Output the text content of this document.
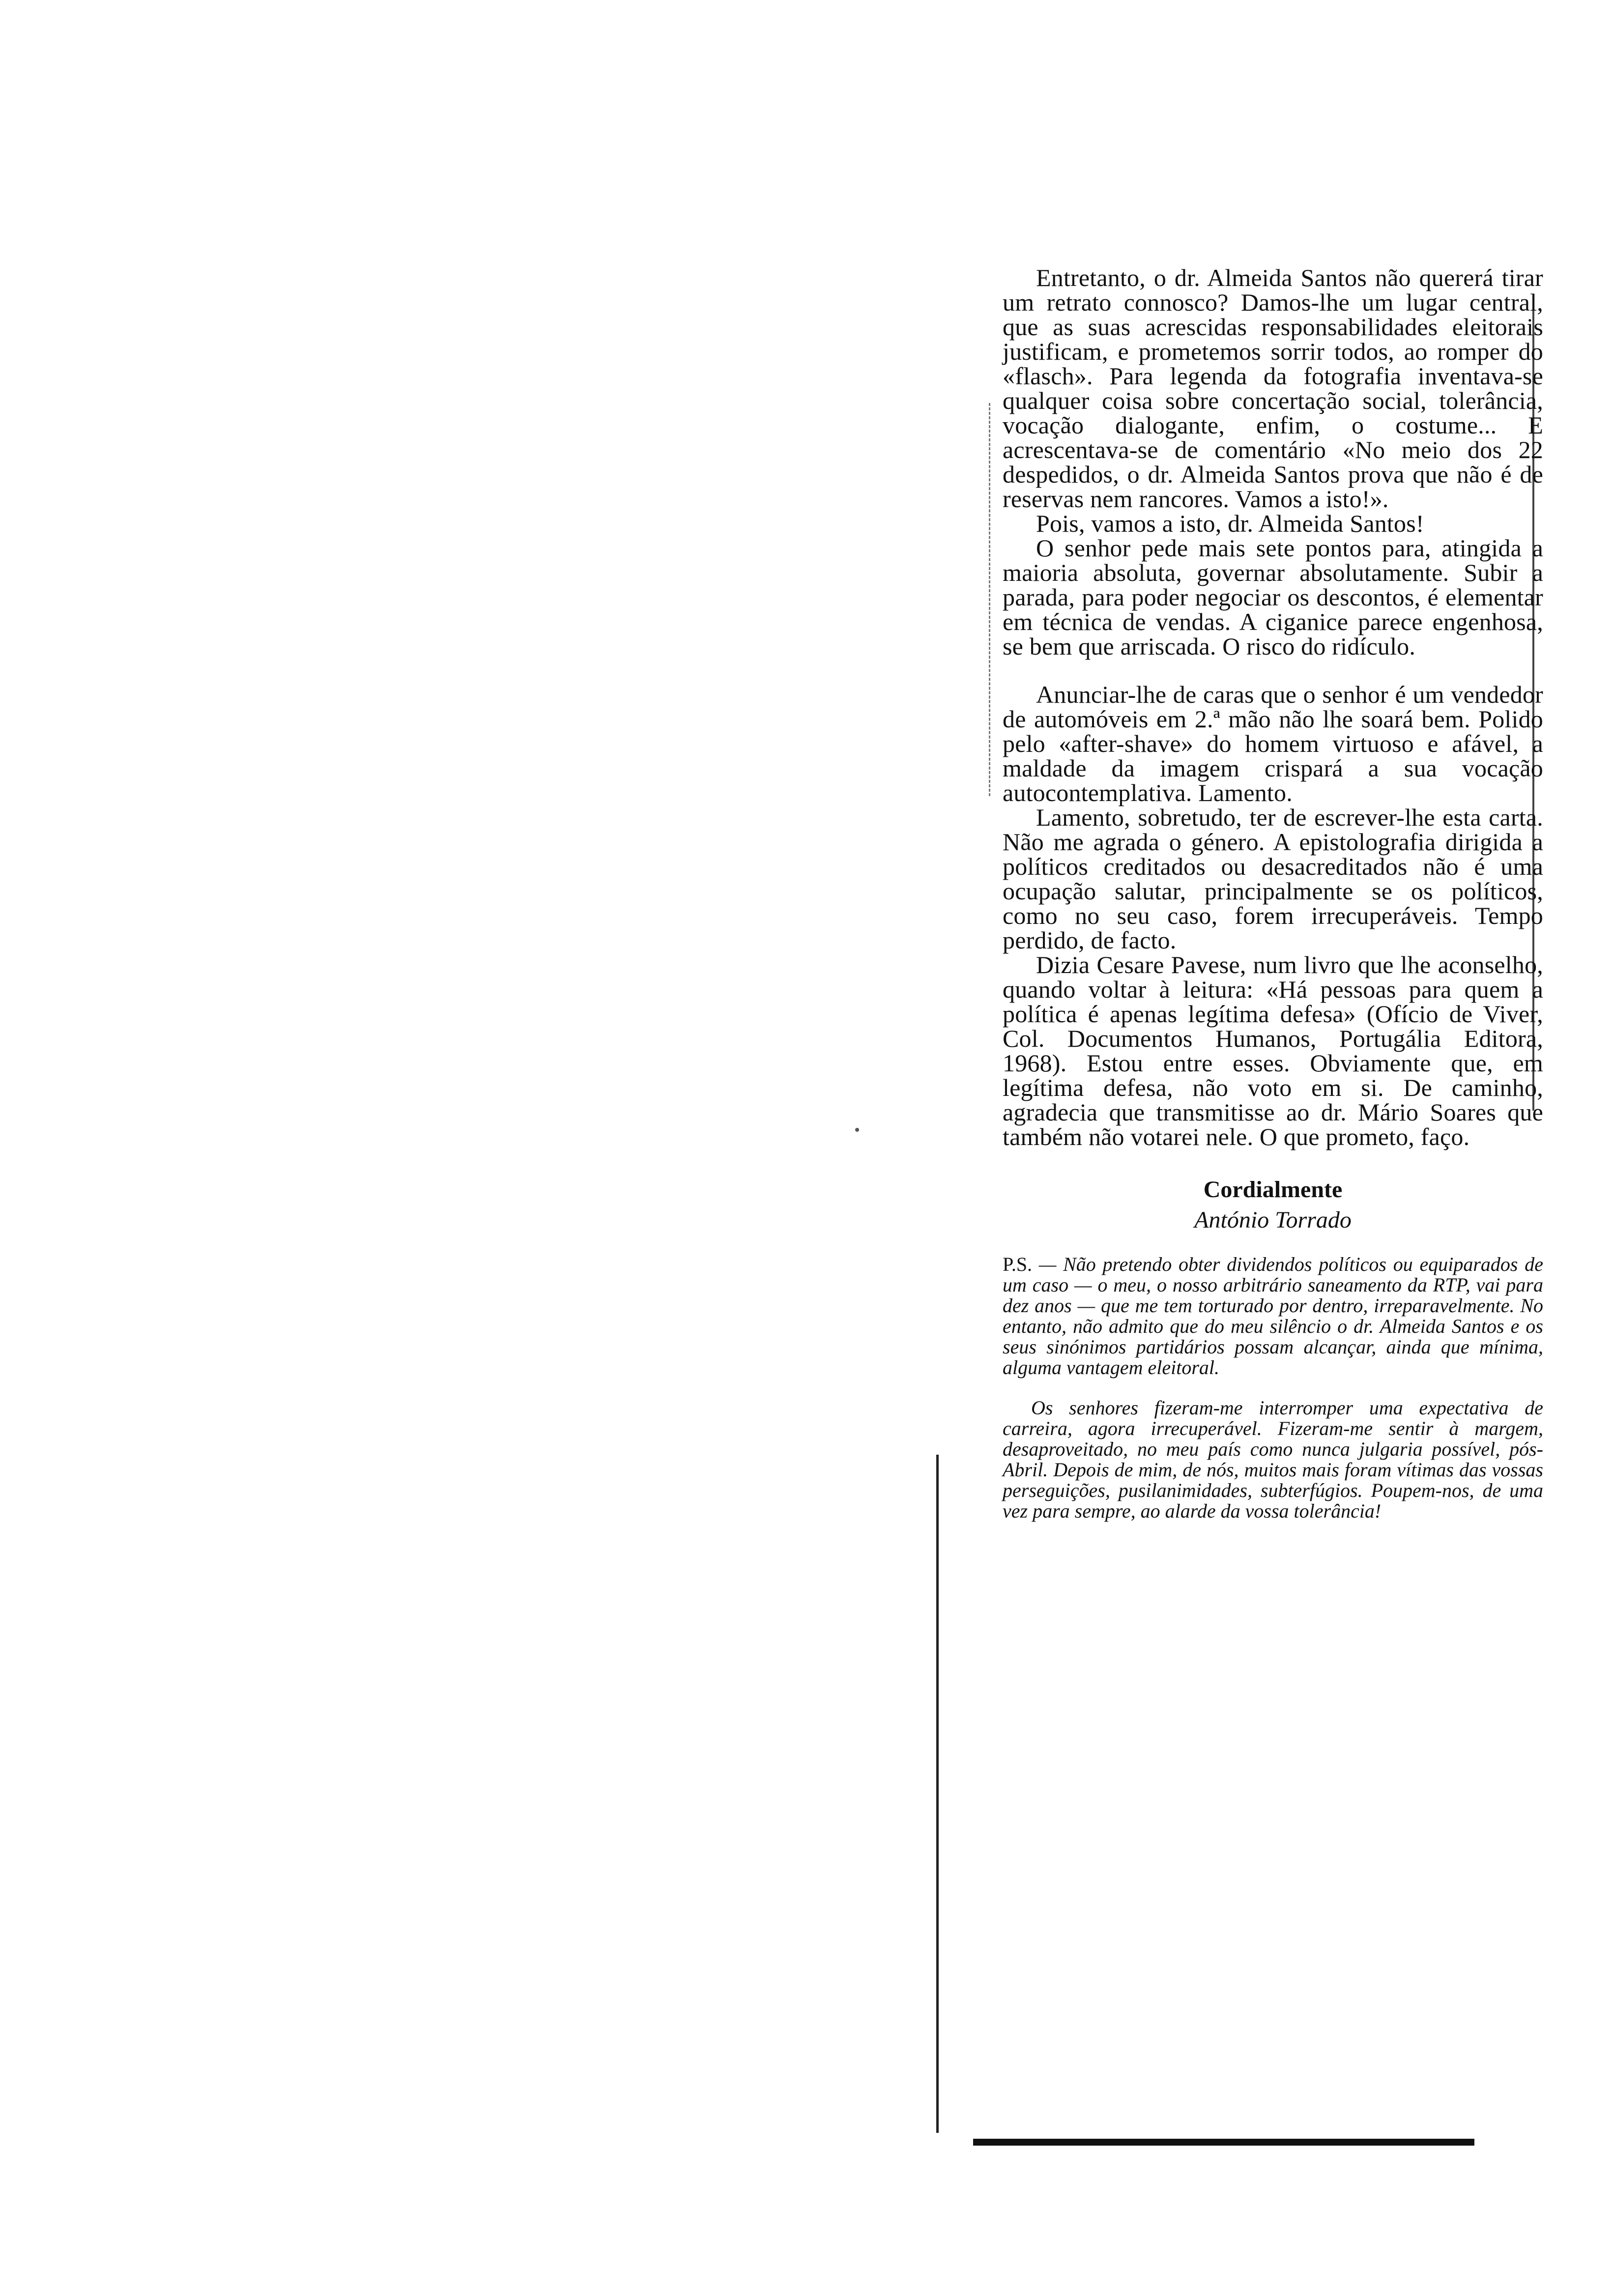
Entretanto, o dr. Almeida Santos não quererá tirar um retrato connosco? Damos-lhe um lugar central, que as suas acrescidas responsabilidades eleitorais justificam, e prometemos sorrir todos, ao romper do «flasch». Para legenda da fotografia inventava-se qualquer coisa sobre concertação social, tolerância, vocação dialogante, enfim, o costume... E acrescentava-se de comentário «No meio dos 22 despedidos, o dr. Almeida Santos prova que não é de reservas nem rancores. Vamos a isto!».

Pois, vamos a isto, dr. Almeida Santos!

O senhor pede mais sete pontos para, atingida a maioria absoluta, governar absolutamente. Subir a parada, para poder negociar os descontos, é elementar em técnica de vendas. A ciganice parece engenhosa, se bem que arriscada. O risco do ridículo.

Anunciar-lhe de caras que o senhor é um vendedor de automóveis em 2.ª mão não lhe soará bem. Polido pelo «after-shave» do homem virtuoso e afável, a maldade da imagem crispará a sua vocação autocontemplativa. Lamento.

Lamento, sobretudo, ter de escrever-lhe esta carta. Não me agrada o género. A epistolografia dirigida a políticos creditados ou desacreditados não é uma ocupação salutar, principalmente se os políticos, como no seu caso, forem irrecuperáveis. Tempo perdido, de facto.

Dizia Cesare Pavese, num livro que lhe aconselho, quando voltar à leitura: «Há pessoas para quem a política é apenas legítima defesa» (Ofício de Viver, Col. Documentos Humanos, Portugália Editora, 1968). Estou entre esses. Obviamente que, em legítima defesa, não voto em si. De caminho, agradecia que transmitisse ao dr. Mário Soares que também não votarei nele. O que prometo, faço.

Cordialmente
António Torrado

P.S. — Não pretendo obter dividendos políticos ou equiparados de um caso — o meu, o nosso arbitrário saneamento da RTP, vai para dez anos — que me tem torturado por dentro, irreparavelmente. No entanto, não admito que do meu silêncio o dr. Almeida Santos e os seus sinónimos partidários possam alcançar, ainda que mínima, alguma vantagem eleitoral.

Os senhores fizeram-me interromper uma expectativa de carreira, agora irrecuperável. Fizeram-me sentir à margem, desaproveitado, no meu país como nunca julgaria possível, pós-Abril. Depois de mim, de nós, muitos mais foram vítimas das vossas perseguições, pusilanimidades, subterfúgios. Poupem-nos, de uma vez para sempre, ao alarde da vossa tolerância!
